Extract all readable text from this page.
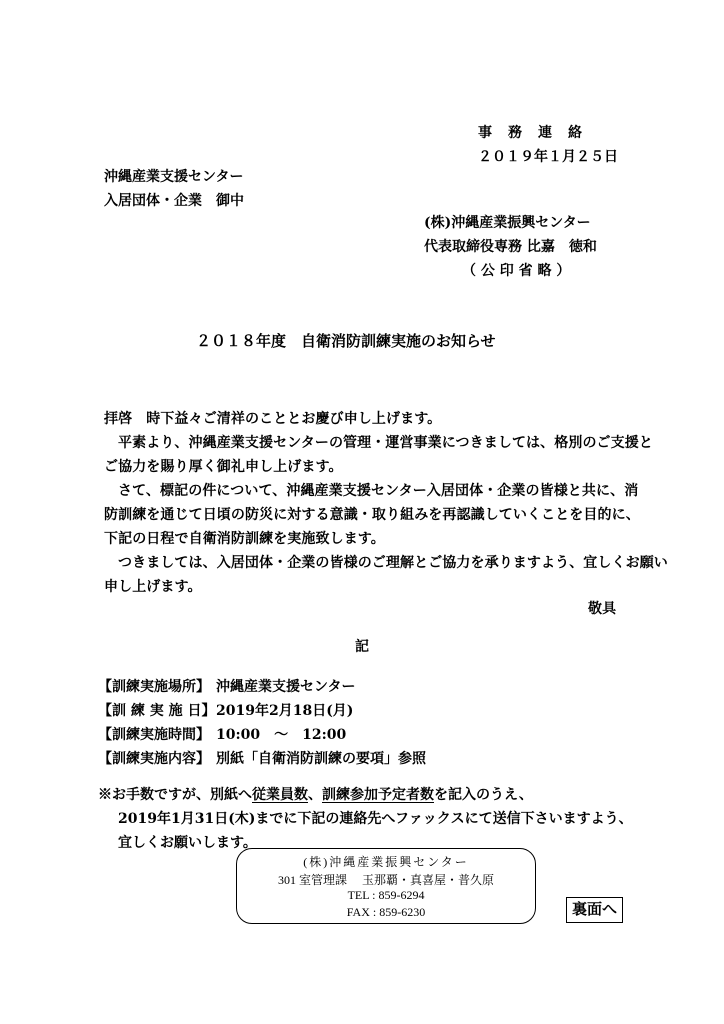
事　務　連　絡
２０１９年１月２５日
沖縄産業支援センター
入居団体・企業　御中
(株)沖縄産業振興センター
代表取締役専務 比嘉　徳和
（ 公 印 省 略 ）
２０１８年度　自衛消防訓練実施のお知らせ
拝啓　時下益々ご清祥のこととお慶び申し上げます。
平素より、沖縄産業支援センターの管理・運営事業につきましては、格別のご支援と
ご協力を賜り厚く御礼申し上げます。
さて、標記の件について、沖縄産業支援センター入居団体・企業の皆様と共に、消
防訓練を通じて日頃の防災に対する意識・取り組みを再認識していくことを目的に、
下記の日程で自衛消防訓練を実施致します。
つきましては、入居団体・企業の皆様のご理解とご協力を承りますよう、宜しくお願い
申し上げます。
敬具
記
【訓練実施場所】 沖縄産業支援センター
【訓 練 実 施 日】 2019年2月18日(月)
【訓練実施時間】 10:00　～　12:00
【訓練実施内容】 別紙「自衛消防訓練の要項」参照
※お手数ですが、別紙へ従業員数、訓練参加予定者数を記入のうえ、
2019年1月31日(木)までに下記の連絡先へファックスにて送信下さいますよう、
宜しくお願いします。
(株)沖縄産業振興センター
301 室管理課　 玉那覇・真喜屋・普久原
TEL : 859-6294
FAX : 859-6230	裏面へ
